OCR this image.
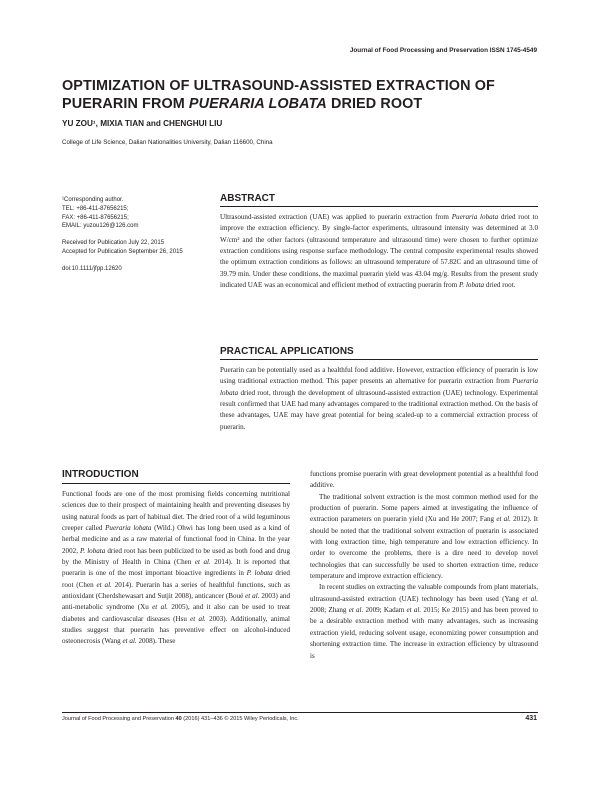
Journal of Food Processing and Preservation ISSN 1745-4549
OPTIMIZATION OF ULTRASOUND-ASSISTED EXTRACTION OF
PUERARIN FROM PUERARIA LOBATA DRIED ROOT
YU ZOU¹, MIXIA TIAN and CHENGHUI LIU
College of Life Science, Dalian Nationalities University, Dalian 116600, China
¹Corresponding author.
TEL: +86-411-87656215;
FAX: +86-411-87656215;
EMAIL: yuzou126@126.com
Received for Publication July 22, 2015
Accepted for Publication September 26, 2015
doi:10.1111/jfpp.12620
ABSTRACT
Ultrasound-assisted extraction (UAE) was applied to puerarin extraction from Pueraria lobata dried root to improve the extraction efficiency. By single-factor experiments, ultrasound intensity was determined at 3.0 W/cm² and the other factors (ultrasound temperature and ultrasound time) were chosen to further optimize extraction conditions using response surface methodology. The central composite experimental results showed the optimum extraction conditions as follows: an ultrasound temperature of 57.82C and an ultrasound time of 39.79 min. Under these conditions, the maximal puerarin yield was 43.04 mg/g. Results from the present study indicated UAE was an economical and efficient method of extracting puerarin from P. lobata dried root.
PRACTICAL APPLICATIONS
Puerarin can be potentially used as a healthful food additive. However, extraction efficiency of puerarin is low using traditional extraction method. This paper presents an alternative for puerarin extraction from Pueraria lobata dried root, through the development of ultrasound-assisted extraction (UAE) technology. Experimental result confirmed that UAE had many advantages compared to the traditional extraction method. On the basis of these advantages, UAE may have great potential for being scaled-up to a commercial extraction process of puerarin.
INTRODUCTION
Functional foods are one of the most promising fields concerning nutritional sciences due to their prospect of maintaining health and preventing diseases by using natural foods as part of habitual diet. The dried root of a wild leguminous creeper called Pueraria lobata (Wild.) Ohwi has long been used as a kind of herbal medicine and as a raw material of functional food in China. In the year 2002, P. lobata dried root has been publicized to be used as both food and drug by the Ministry of Health in China (Chen et al. 2014). It is reported that puerarin is one of the most important bioactive ingredients in P. lobata dried root (Chen et al. 2014). Puerarin has a series of healthful functions, such as antioxidant (Cherdshewasart and Sutjit 2008), anticancer (Boué et al. 2003) and anti-metabolic syndrome (Xu et al. 2005), and it also can be used to treat diabetes and cardiovascular diseases (Hsu et al. 2003). Additionally, animal studies suggest that puerarin has preventive effect on alcohol-induced osteonecrosis (Wang et al. 2008). These
functions promise puerarin with great development potential as a healthful food additive.
The traditional solvent extraction is the most common method used for the production of puerarin. Some papers aimed at investigating the influence of extraction parameters on puerarin yield (Xu and He 2007; Fang et al. 2012). It should be noted that the traditional solvent extraction of puerarin is associated with long extraction time, high temperature and low extraction efficiency. In order to overcome the problems, there is a dire need to develop novel technologies that can successfully be used to shorten extraction time, reduce temperature and improve extraction efficiency.
In recent studies on extracting the valuable compounds from plant materials, ultrasound-assisted extraction (UAE) technology has been used (Yang et al. 2008; Zhang et al. 2009; Kadam et al. 2015; Ke 2015) and has been proved to be a desirable extraction method with many advantages, such as increasing extraction yield, reducing solvent usage, economizing power consumption and shortening extraction time. The increase in extraction efficiency by ultrasound is
Journal of Food Processing and Preservation 40 (2016) 431–436 © 2015 Wiley Periodicals, Inc.	431
